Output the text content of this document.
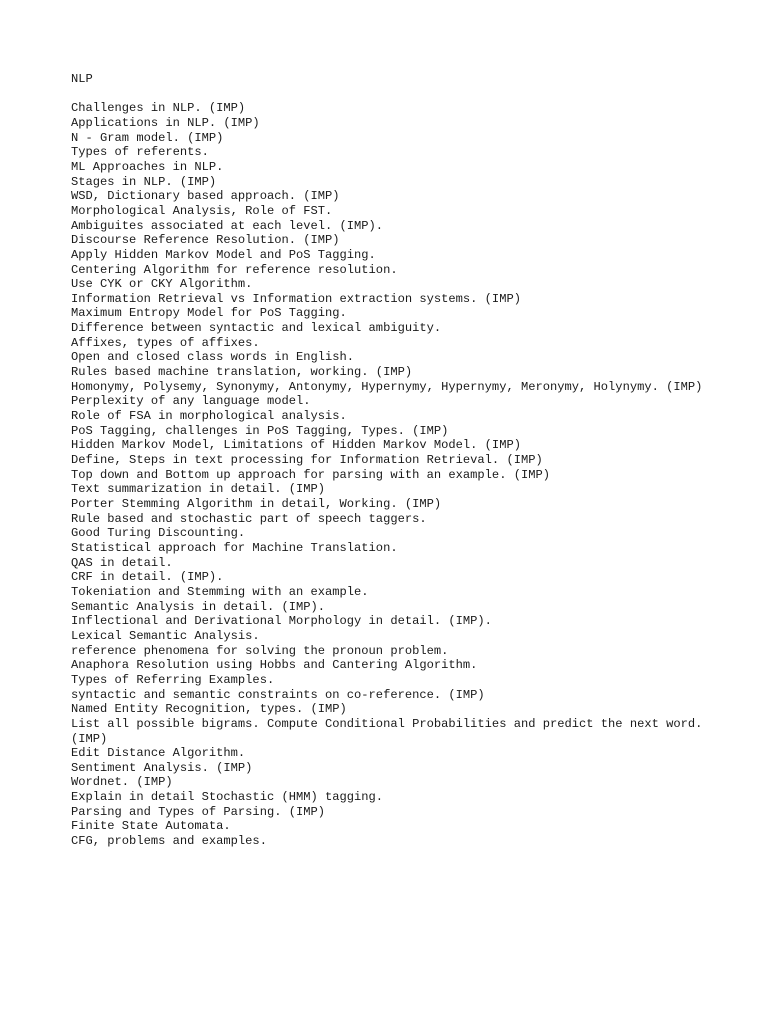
NLP
Challenges in NLP. (IMP)
Applications in NLP. (IMP)
N - Gram model. (IMP)
Types of referents.
ML Approaches in NLP.
Stages in NLP. (IMP)
WSD, Dictionary based approach. (IMP)
Morphological Analysis, Role of FST.
Ambiguites associated at each level. (IMP).
Discourse Reference Resolution. (IMP)
Apply Hidden Markov Model and PoS Tagging.
Centering Algorithm for reference resolution.
Use CYK or CKY Algorithm.
Information Retrieval vs Information extraction systems. (IMP)
Maximum Entropy Model for PoS Tagging.
Difference between syntactic and lexical ambiguity.
Affixes, types of affixes.
Open and closed class words in English.
Rules based machine translation, working. (IMP)
Homonymy, Polysemy, Synonymy, Antonymy, Hypernymy, Hypernymy, Meronymy, Holynymy. (IMP)
Perplexity of any language model.
Role of FSA in morphological analysis.
PoS Tagging, challenges in PoS Tagging, Types. (IMP)
Hidden Markov Model, Limitations of Hidden Markov Model. (IMP)
Define, Steps in text processing for Information Retrieval. (IMP)
Top down and Bottom up approach for parsing with an example. (IMP)
Text summarization in detail. (IMP)
Porter Stemming Algorithm in detail, Working. (IMP)
Rule based and stochastic part of speech taggers.
Good Turing Discounting.
Statistical approach for Machine Translation.
QAS in detail.
CRF in detail. (IMP).
Tokeniation and Stemming with an example.
Semantic Analysis in detail. (IMP).
Inflectional and Derivational Morphology in detail. (IMP).
Lexical Semantic Analysis.
reference phenomena for solving the pronoun problem.
Anaphora Resolution using Hobbs and Cantering Algorithm.
Types of Referring Examples.
syntactic and semantic constraints on co-reference. (IMP)
Named Entity Recognition, types. (IMP)
List all possible bigrams. Compute Conditional Probabilities and predict the next word. (IMP)
Edit Distance Algorithm.
Sentiment Analysis. (IMP)
Wordnet. (IMP)
Explain in detail Stochastic (HMM) tagging.
Parsing and Types of Parsing. (IMP)
Finite State Automata.
CFG, problems and examples.
